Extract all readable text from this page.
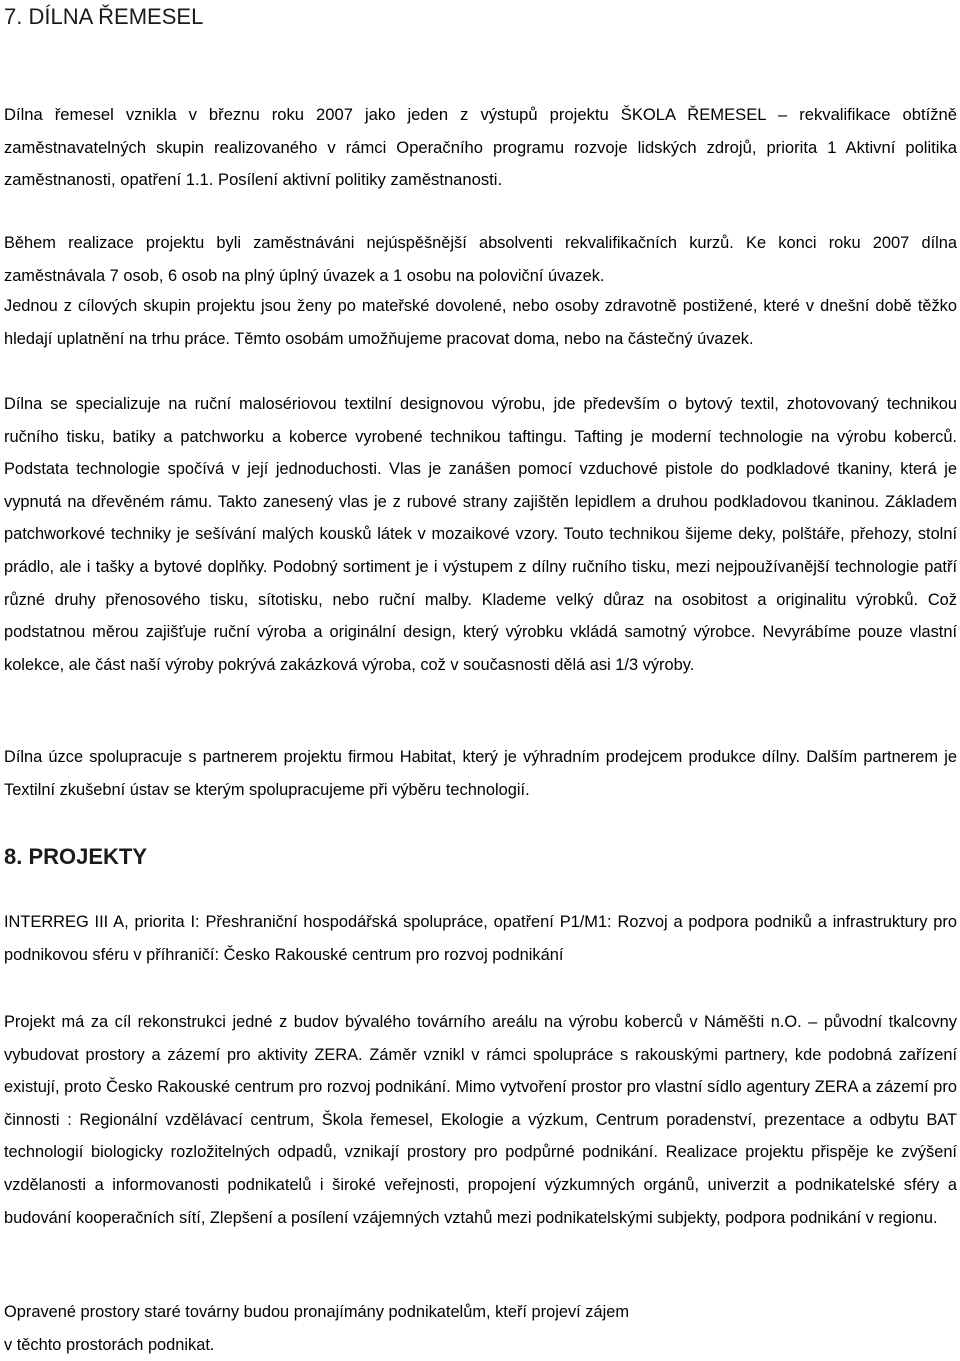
7. DÍLNA ŘEMESEL

Dílna řemesel vznikla v březnu roku 2007 jako jeden z výstupů projektu ŠKOLA ŘEMESEL – rekvalifikace obtížně zaměstnavatelných skupin realizovaného v rámci Operačního programu rozvoje lidských zdrojů, priorita 1 Aktivní politika zaměstnanosti, opatření 1.1. Posílení aktivní politiky zaměstnanosti.

Během realizace projektu byli zaměstnáváni nejúspěšnější absolventi rekvalifikačních kurzů. Ke konci roku 2007 dílna zaměstnávala 7 osob, 6 osob na plný úplný úvazek a 1 osobu na poloviční úvazek.

Jednou z cílových skupin projektu jsou ženy po mateřské dovolené, nebo osoby zdravotně postižené, které v dnešní době těžko hledají uplatnění na trhu práce. Těmto osobám umožňujeme pracovat doma, nebo na částečný úvazek.

Dílna se specializuje na ruční malosériovou textilní designovou výrobu, jde především o bytový textil, zhotovovaný technikou ručního tisku, batiky a patchworku a koberce vyrobené technikou taftingu. Tafting je moderní technologie na výrobu koberců. Podstata technologie spočívá v její jednoduchosti. Vlas je zanášen pomocí vzduchové pistole do podkladové tkaniny, která je vypnutá na dřevěném rámu. Takto zanesený vlas je z rubové strany zajištěn lepidlem a druhou podkladovou tkaninou. Základem patchworkové techniky je sešívání malých kousků látek v mozaikové vzory. Touto technikou šijeme deky, polštáře, přehozy, stolní prádlo, ale i tašky a bytové doplňky. Podobný sortiment je i výstupem z dílny ručního tisku, mezi nejpoužívanější technologie patří různé druhy přenosového tisku, sítotisku, nebo ruční malby. Klademe velký důraz na osobitost a originalitu výrobků. Což podstatnou měrou zajišťuje ruční výroba a originální design, který výrobku vkládá samotný výrobce. Nevyrábíme pouze vlastní kolekce, ale část naší výroby pokrývá zakázková výroba, což v současnosti dělá asi 1/3 výroby.

Dílna úzce spolupracuje s partnerem projektu firmou Habitat, který je výhradním prodejcem produkce dílny. Dalším partnerem je Textilní zkušební ústav se kterým spolupracujeme při výběru technologií.

8. PROJEKTY

INTERREG III A, priorita I: Přeshraniční hospodářská spolupráce, opatření P1/M1: Rozvoj a podpora podniků a infrastruktury pro podnikovou sféru v příhraničí: Česko Rakouské centrum pro rozvoj podnikání

Projekt má za cíl rekonstrukci jedné z budov bývalého továrního areálu na výrobu koberců v Náměšti n.O. – původní tkalcovny vybudovat prostory a zázemí pro aktivity ZERA. Záměr vznikl v rámci spolupráce s rakouskými partnery, kde podobná zařízení existují, proto Česko Rakouské centrum pro rozvoj podnikání. Mimo vytvoření prostor pro vlastní sídlo agentury ZERA a zázemí pro činnosti : Regionální vzdělávací centrum, Škola řemesel, Ekologie a výzkum, Centrum poradenství, prezentace a odbytu BAT technologií biologicky rozložitelných odpadů, vznikají prostory pro podpůrné podnikání. Realizace projektu přispěje ke zvýšení vzdělanosti a informovanosti podnikatelů i široké veřejnosti, propojení výzkumných orgánů, univerzit a podnikatelské sféry a budování kooperačních sítí, Zlepšení a posílení vzájemných vztahů mezi podnikatelskými subjekty, podpora podnikání v regionu.

Opravené prostory staré továrny budou pronajímány podnikatelům, kteří projeví zájem
v těchto prostorách podnikat.
